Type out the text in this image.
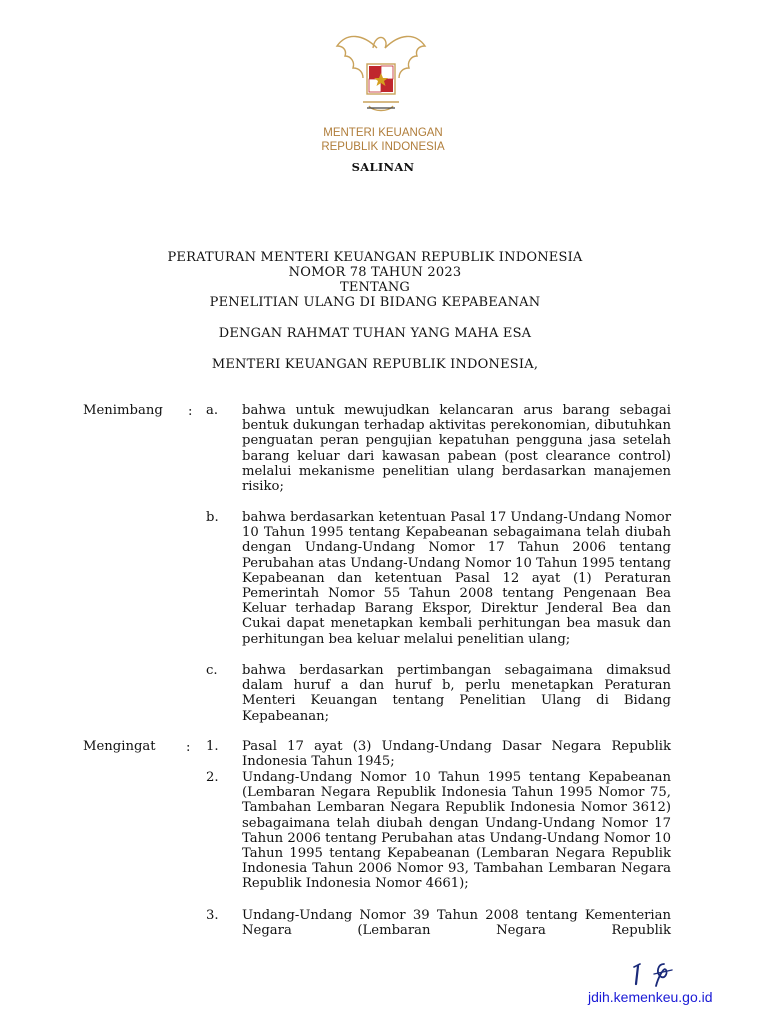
MENTERI KEUANGAN
REPUBLIK INDONESIA
SALINAN
PERATURAN MENTERI KEUANGAN REPUBLIK INDONESIA
NOMOR 78 TAHUN 2023
TENTANG
PENELITIAN ULANG DI BIDANG KEPABEANAN
DENGAN RAHMAT TUHAN YANG MAHA ESA
MENTERI KEUANGAN REPUBLIK INDONESIA,
Menimbang : a. bahwa untuk mewujudkan kelancaran arus barang sebagai bentuk dukungan terhadap aktivitas perekonomian, dibutuhkan penguatan peran pengujian kepatuhan pengguna jasa setelah barang keluar dari kawasan pabean (post clearance control) melalui mekanisme penelitian ulang berdasarkan manajemen risiko;
b. bahwa berdasarkan ketentuan Pasal 17 Undang-Undang Nomor 10 Tahun 1995 tentang Kepabeanan sebagaimana telah diubah dengan Undang-Undang Nomor 17 Tahun 2006 tentang Perubahan atas Undang-Undang Nomor 10 Tahun 1995 tentang Kepabeanan dan ketentuan Pasal 12 ayat (1) Peraturan Pemerintah Nomor 55 Tahun 2008 tentang Pengenaan Bea Keluar terhadap Barang Ekspor, Direktur Jenderal Bea dan Cukai dapat menetapkan kembali perhitungan bea masuk dan perhitungan bea keluar melalui penelitian ulang;
c. bahwa berdasarkan pertimbangan sebagaimana dimaksud dalam huruf a dan huruf b, perlu menetapkan Peraturan Menteri Keuangan tentang Penelitian Ulang di Bidang Kepabeanan;
Mengingat : 1. Pasal 17 ayat (3) Undang-Undang Dasar Negara Republik Indonesia Tahun 1945;
2. Undang-Undang Nomor 10 Tahun 1995 tentang Kepabeanan (Lembaran Negara Republik Indonesia Tahun 1995 Nomor 75, Tambahan Lembaran Negara Republik Indonesia Nomor 3612) sebagaimana telah diubah dengan Undang-Undang Nomor 17 Tahun 2006 tentang Perubahan atas Undang-Undang Nomor 10 Tahun 1995 tentang Kepabeanan (Lembaran Negara Republik Indonesia Tahun 2006 Nomor 93, Tambahan Lembaran Negara Republik Indonesia Nomor 4661);
3. Undang-Undang Nomor 39 Tahun 2008 tentang Kementerian Negara (Lembaran Negara Republik
jdih.kemenkeu.go.id
